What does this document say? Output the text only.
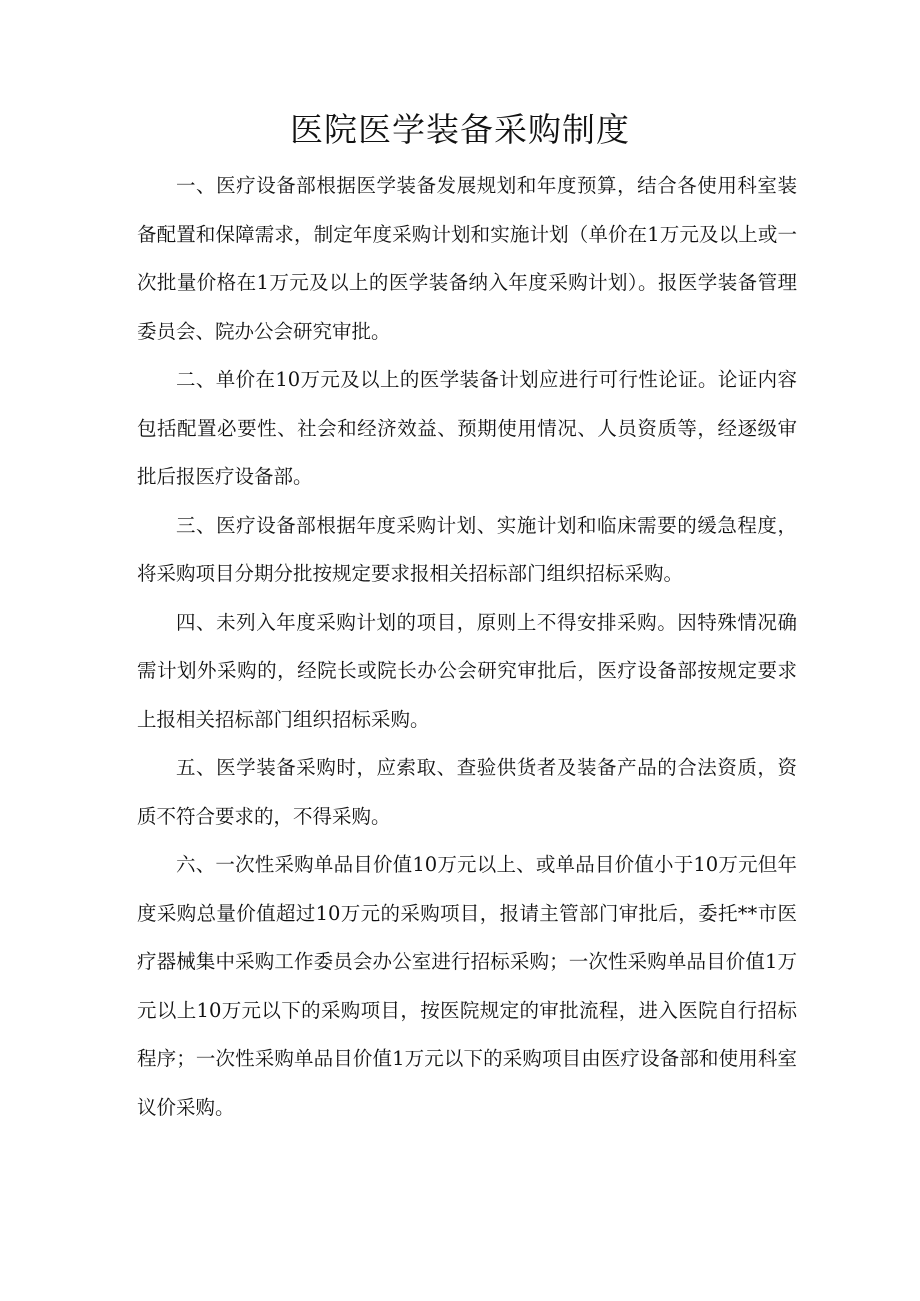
医院医学装备采购制度

一、医疗设备部根据医学装备发展规划和年度预算，结合各使用科室装备配置和保障需求，制定年度采购计划和实施计划（单价在1万元及以上或一次批量价格在1万元及以上的医学装备纳入年度采购计划）。报医学装备管理委员会、院办公会研究审批。

二、单价在10万元及以上的医学装备计划应进行可行性论证。论证内容包括配置必要性、社会和经济效益、预期使用情况、人员资质等，经逐级审批后报医疗设备部。

三、医疗设备部根据年度采购计划、实施计划和临床需要的缓急程度，将采购项目分期分批按规定要求报相关招标部门组织招标采购。

四、未列入年度采购计划的项目，原则上不得安排采购。因特殊情况确需计划外采购的，经院长或院长办公会研究审批后，医疗设备部按规定要求上报相关招标部门组织招标采购。

五、医学装备采购时，应索取、查验供货者及装备产品的合法资质，资质不符合要求的，不得采购。

六、一次性采购单品目价值10万元以上、或单品目价值小于10万元但年度采购总量价值超过10万元的采购项目，报请主管部门审批后，委托**市医疗器械集中采购工作委员会办公室进行招标采购；一次性采购单品目价值1万元以上10万元以下的采购项目，按医院规定的审批流程，进入医院自行招标程序；一次性采购单品目价值1万元以下的采购项目由医疗设备部和使用科室议价采购。
